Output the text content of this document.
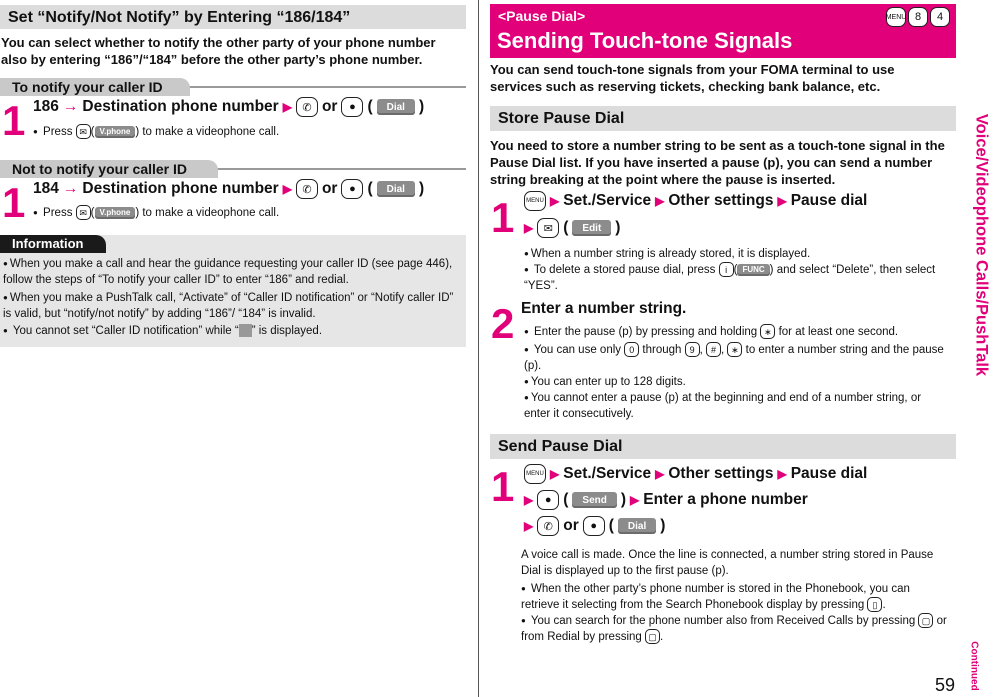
Set “Notify/Not Notify” by Entering “186/184”
You can select whether to notify the other party of your phone number also by entering “186”/“184” before the other party’s phone number.
To notify your caller ID
1 186 → Destination phone number ▶ ✆ or	● (	Dial )
● Press ✉ ( V.phone ) to make a videophone call.
Not to notify your caller ID
1 184 → Destination phone number ▶ ✆ or	● (	Dial )
● Press ✉ ( V.phone ) to make a videophone call.
Information
● When you make a call and hear the guidance requesting your caller ID (see page 446), follow the steps of “To notify your caller ID” to enter “186” and redial.
● When you make a PushTalk call, “Activate” of “Caller ID notification” or “Notify caller ID” is valid, but “notify/not notify” by adding “186”/ “184” is invalid.
● You cannot set “Caller ID notification” while “ ” is displayed.
<Pause Dial>
Sending Touch-tone Signals
MENU 8	4
You can send touch-tone signals from your FOMA terminal to use services such as reserving tickets, checking bank balance, etc.
Store Pause Dial
You need to store a number string to be sent as a touch-tone signal in the Pause Dial list. If you have inserted a pause (p), you can send a number string breaking at the point where the pause is inserted.
1	MENU ▶ Set./Service ▶ Other settings ▶ Pause dial
▶ ✉ (	Edit )
● When a number string is already stored, it is displayed.
● To delete a stored pause dial, press i ( FUNC ) and select “Delete”, then select “YES”.
2 Enter a number string.
● Enter the pause (p) by pressing and holding ∗ for at least one second.
● You can use only 0 through 9 , # , ∗ to enter a number string and the pause (p).
● You can enter up to 128 digits.
● You cannot enter a pause (p) at the beginning and end of a number string, or enter it consecutively.
Send Pause Dial
1	MENU ▶ Set./Service ▶ Other settings ▶ Pause dial
▶	● (	Send ) ▶ Enter a phone number
▶ ✆ or	● (	Dial )
A voice call is made. Once the line is connected, a number string stored in Pause Dial is displayed up to the first pause (p).
● When the other party’s phone number is stored in the Phonebook, you can retrieve it selecting from the Search Phonebook display by pressing ▯ .
● You can search for the phone number also from Received Calls by pressing ▢ or from Redial by pressing ▢ .
Voice/Videophone Calls/PushTalk
Continued
59
